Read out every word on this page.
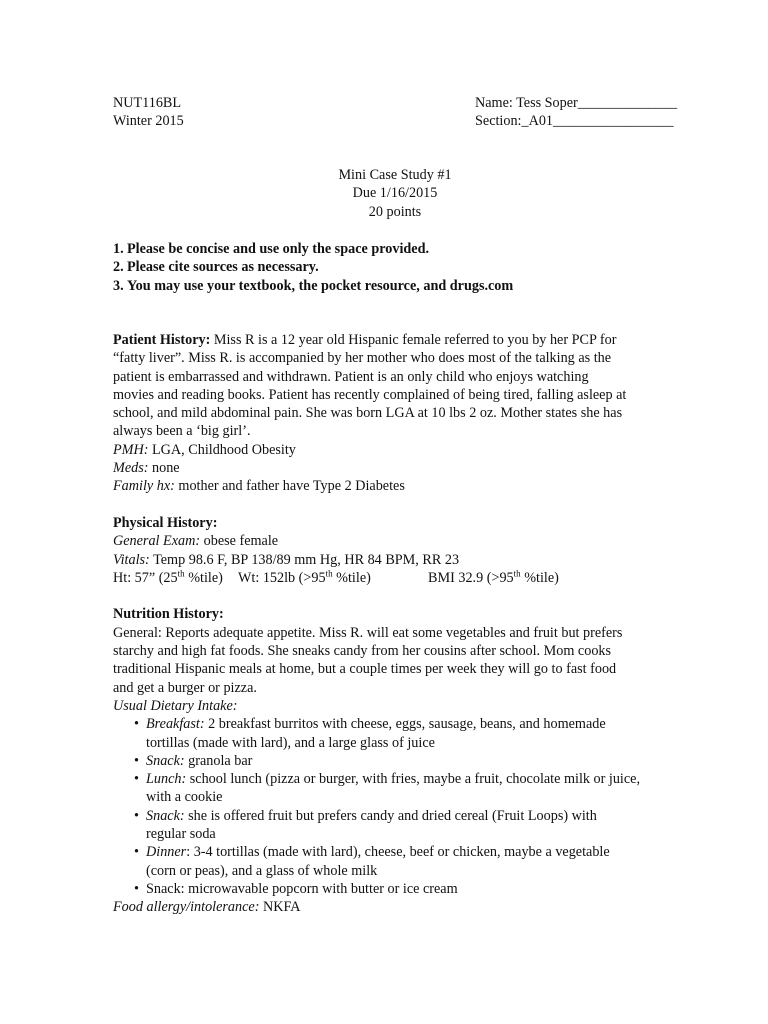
NUT116BL
Winter 2015
Name: Tess Soper______________
Section:_A01_________________
Mini Case Study #1
Due 1/16/2015
20 points
1. Please be concise and use only the space provided.
2. Please cite sources as necessary.
3. You may use your textbook, the pocket resource, and drugs.com
Patient History: Miss R is a 12 year old Hispanic female referred to you by her PCP for
“fatty liver”. Miss R. is accompanied by her mother who does most of the talking as the
patient is embarrassed and withdrawn. Patient is an only child who enjoys watching
movies and reading books. Patient has recently complained of being tired, falling asleep at
school, and mild abdominal pain. She was born LGA at 10 lbs 2 oz. Mother states she has
always been a ‘big girl’.
PMH: LGA, Childhood Obesity
Meds: none
Family hx: mother and father have Type 2 Diabetes
Physical History:
General Exam: obese female
Vitals: Temp 98.6 F, BP 138/89 mm Hg, HR 84 BPM, RR 23
Ht: 57” (25th %tile) Wt: 152lb (>95th %tile)	BMI 32.9 (>95th %tile)
Nutrition History:
General: Reports adequate appetite. Miss R. will eat some vegetables and fruit but prefers
starchy and high fat foods. She sneaks candy from her cousins after school. Mom cooks
traditional Hispanic meals at home, but a couple times per week they will go to fast food
and get a burger or pizza.
Usual Dietary Intake:
• Breakfast: 2 breakfast burritos with cheese, eggs, sausage, beans, and homemade
tortillas (made with lard), and a large glass of juice
• Snack: granola bar
• Lunch: school lunch (pizza or burger, with fries, maybe a fruit, chocolate milk or juice,
with a cookie
• Snack: she is offered fruit but prefers candy and dried cereal (Fruit Loops) with
regular soda
• Dinner: 3-4 tortillas (made with lard), cheese, beef or chicken, maybe a vegetable
(corn or peas), and a glass of whole milk
• Snack: microwavable popcorn with butter or ice cream
Food allergy/intolerance: NKFA
